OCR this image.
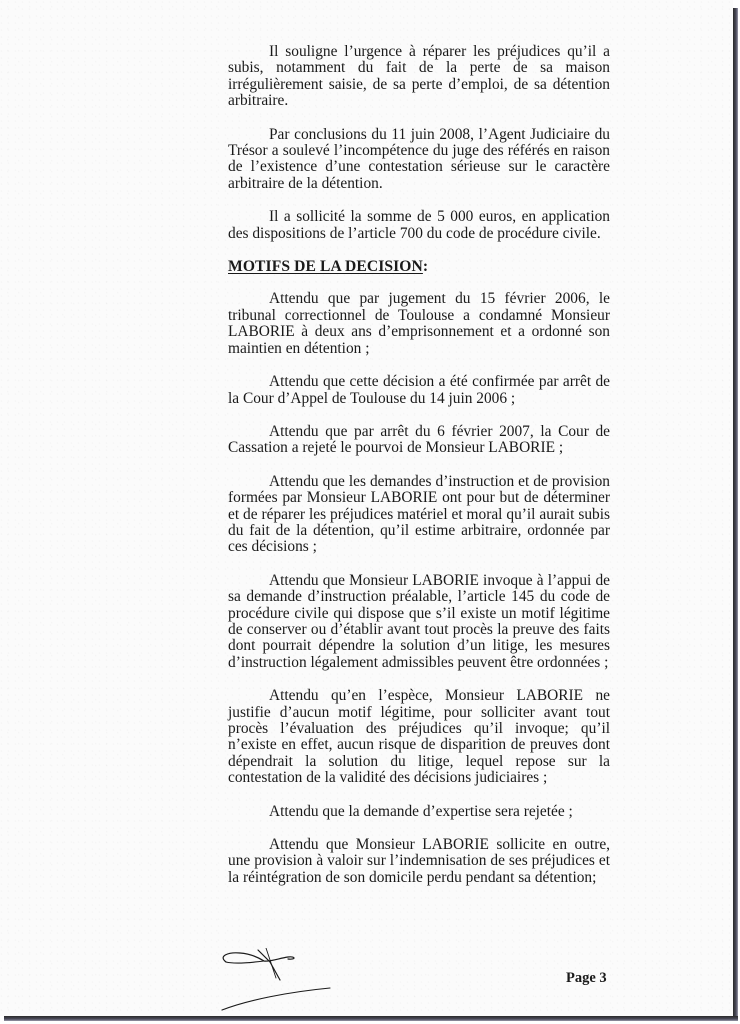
Il souligne l’urgence à réparer les préjudices qu’il a subis, notamment du fait de la perte de sa maison irrégulièrement saisie, de sa perte d’emploi, de sa détention arbitraire.

Par conclusions du 11 juin 2008, l’Agent Judiciaire du Trésor a soulevé l’incompétence du juge des référés en raison de l’existence d’une contestation sérieuse sur le caractère arbitraire de la détention.

Il a sollicité la somme de 5 000 euros, en application des dispositions de l’article 700 du code de procédure civile.

MOTIFS DE LA DECISION:

Attendu que par jugement du 15 février 2006, le tribunal correctionnel de Toulouse a condamné Monsieur LABORIE à deux ans d’emprisonnement et a ordonné son maintien en détention ;

Attendu que cette décision a été confirmée par arrêt de la Cour d’Appel de Toulouse du 14 juin 2006 ;

Attendu que par arrêt du 6 février 2007, la Cour de Cassation a rejeté le pourvoi de Monsieur LABORIE ;

Attendu que les demandes d’instruction et de provision formées par Monsieur LABORIE ont pour but de déterminer et de réparer les préjudices matériel et moral qu’il aurait subis du fait de la détention, qu’il estime arbitraire, ordonnée par ces décisions ;

Attendu que Monsieur LABORIE invoque à l’appui de sa demande d’instruction préalable, l’article 145 du code de procédure civile qui dispose que s’il existe un motif légitime de conserver ou d’établir avant tout procès la preuve des faits dont pourrait dépendre la solution d’un litige, les mesures d’instruction légalement admissibles peuvent être ordonnées ;

Attendu qu’en l’espèce, Monsieur LABORIE ne justifie d’aucun motif légitime, pour solliciter avant tout procès l’évaluation des préjudices qu’il invoque; qu’il n’existe en effet, aucun risque de disparition de preuves dont dépendrait la solution du litige, lequel repose sur la contestation de la validité des décisions judiciaires ;

Attendu que la demande d’expertise sera rejetée ;

Attendu que Monsieur LABORIE sollicite en outre, une provision à valoir sur l’indemnisation de ses préjudices et la réintégration de son domicile perdu pendant sa détention;

Page 3
